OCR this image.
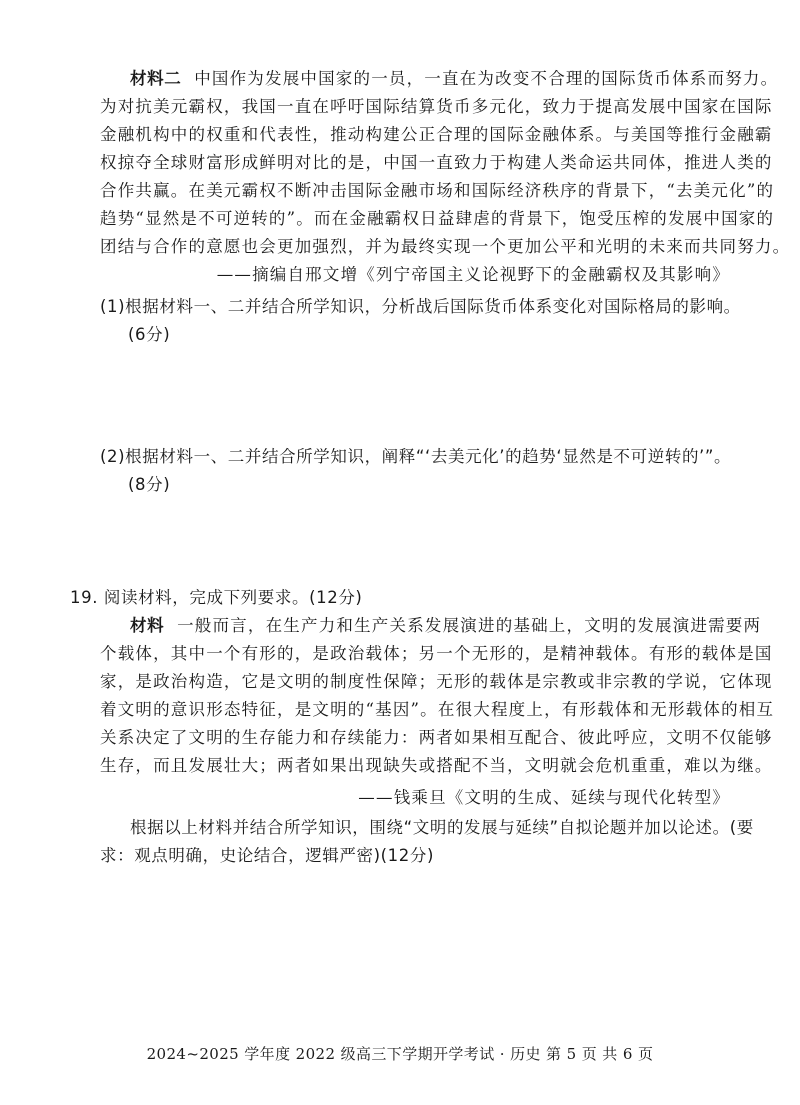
材料二 中国作为发展中国家的一员，一直在为改变不合理的国际货币体系而努力。
为对抗美元霸权，我国一直在呼吁国际结算货币多元化，致力于提高发展中国家在国际
金融机构中的权重和代表性，推动构建公正合理的国际金融体系。与美国等推行金融霸
权掠夺全球财富形成鲜明对比的是，中国一直致力于构建人类命运共同体，推进人类的
合作共赢。在美元霸权不断冲击国际金融市场和国际经济秩序的背景下，“去美元化”的
趋势“显然是不可逆转的”。而在金融霸权日益肆虐的背景下，饱受压榨的发展中国家的
团结与合作的意愿也会更加强烈，并为最终实现一个更加公平和光明的未来而共同努力。
——摘编自邢文增《列宁帝国主义论视野下的金融霸权及其影响》
(1)根据材料一、二并结合所学知识，分析战后国际货币体系变化对国际格局的影响。
(6分)
(2)根据材料一、二并结合所学知识，阐释“‘去美元化’的趋势‘显然是不可逆转的’”。
(8分)
19. 阅读材料，完成下列要求。(12分)
材料 一般而言，在生产力和生产关系发展演进的基础上，文明的发展演进需要两
个载体，其中一个有形的，是政治载体；另一个无形的，是精神载体。有形的载体是国
家，是政治构造，它是文明的制度性保障；无形的载体是宗教或非宗教的学说，它体现
着文明的意识形态特征，是文明的“基因”。在很大程度上，有形载体和无形载体的相互
关系决定了文明的生存能力和存续能力：两者如果相互配合、彼此呼应，文明不仅能够
生存，而且发展壮大；两者如果出现缺失或搭配不当，文明就会危机重重，难以为继。
——钱乘旦《文明的生成、延续与现代化转型》
根据以上材料并结合所学知识，围绕“文明的发展与延续”自拟论题并加以论述。(要
求：观点明确，史论结合，逻辑严密)(12分)
2024~2025 学年度 2022 级高三下学期开学考试 · 历史 第 5 页 共 6 页
